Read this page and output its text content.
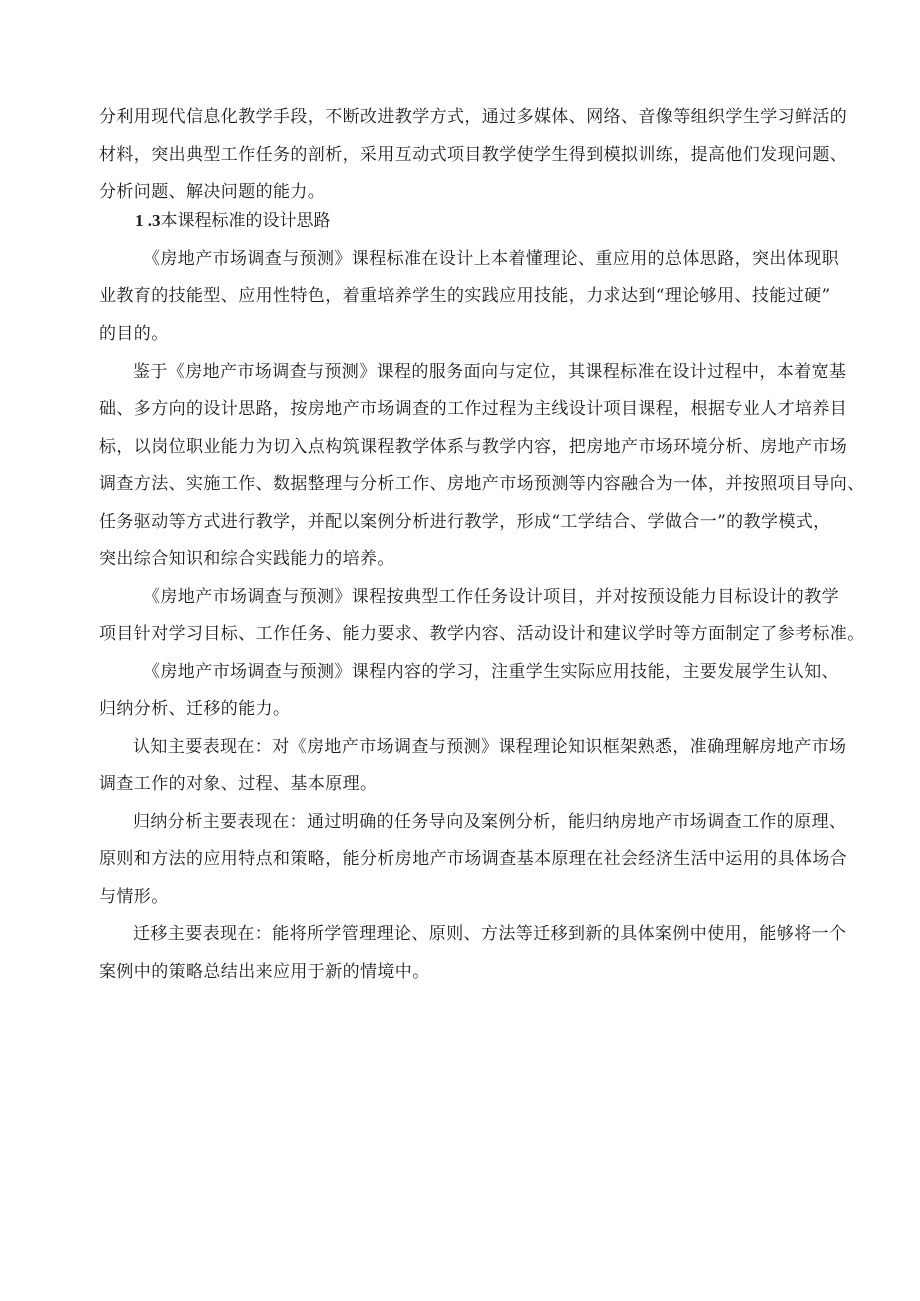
分利用现代信息化教学手段，不断改进教学方式，通过多媒体、网络、音像等组织学生学习鲜活的
材料，突出典型工作任务的剖析，采用互动式项目教学使学生得到模拟训练，提高他们发现问题、
分析问题、解决问题的能力。
1 .3本课程标准的设计思路
《房地产市场调查与预测》课程标准在设计上本着懂理论、重应用的总体思路，突出体现职
业教育的技能型、应用性特色，着重培养学生的实践应用技能，力求达到“理论够用、技能过硬”
的目的。
鉴于《房地产市场调查与预测》课程的服务面向与定位，其课程标准在设计过程中，本着宽基
础、多方向的设计思路，按房地产市场调查的工作过程为主线设计项目课程，根据专业人才培养目
标，以岗位职业能力为切入点构筑课程教学体系与教学内容，把房地产市场环境分析、房地产市场
调查方法、实施工作、数据整理与分析工作、房地产市场预测等内容融合为一体，并按照项目导向、
任务驱动等方式进行教学，并配以案例分析进行教学，形成“工学结合、学做合一”的教学模式，
突出综合知识和综合实践能力的培养。
《房地产市场调查与预测》课程按典型工作任务设计项目，并对按预设能力目标设计的教学
项目针对学习目标、工作任务、能力要求、教学内容、活动设计和建议学时等方面制定了参考标准。
《房地产市场调查与预测》课程内容的学习，注重学生实际应用技能，主要发展学生认知、
归纳分析、迁移的能力。
认知主要表现在：对《房地产市场调查与预测》课程理论知识框架熟悉，准确理解房地产市场
调查工作的对象、过程、基本原理。
归纳分析主要表现在：通过明确的任务导向及案例分析，能归纳房地产市场调查工作的原理、
原则和方法的应用特点和策略，能分析房地产市场调查基本原理在社会经济生活中运用的具体场合
与情形。
迁移主要表现在：能将所学管理理论、原则、方法等迁移到新的具体案例中使用，能够将一个
案例中的策略总结出来应用于新的情境中。
